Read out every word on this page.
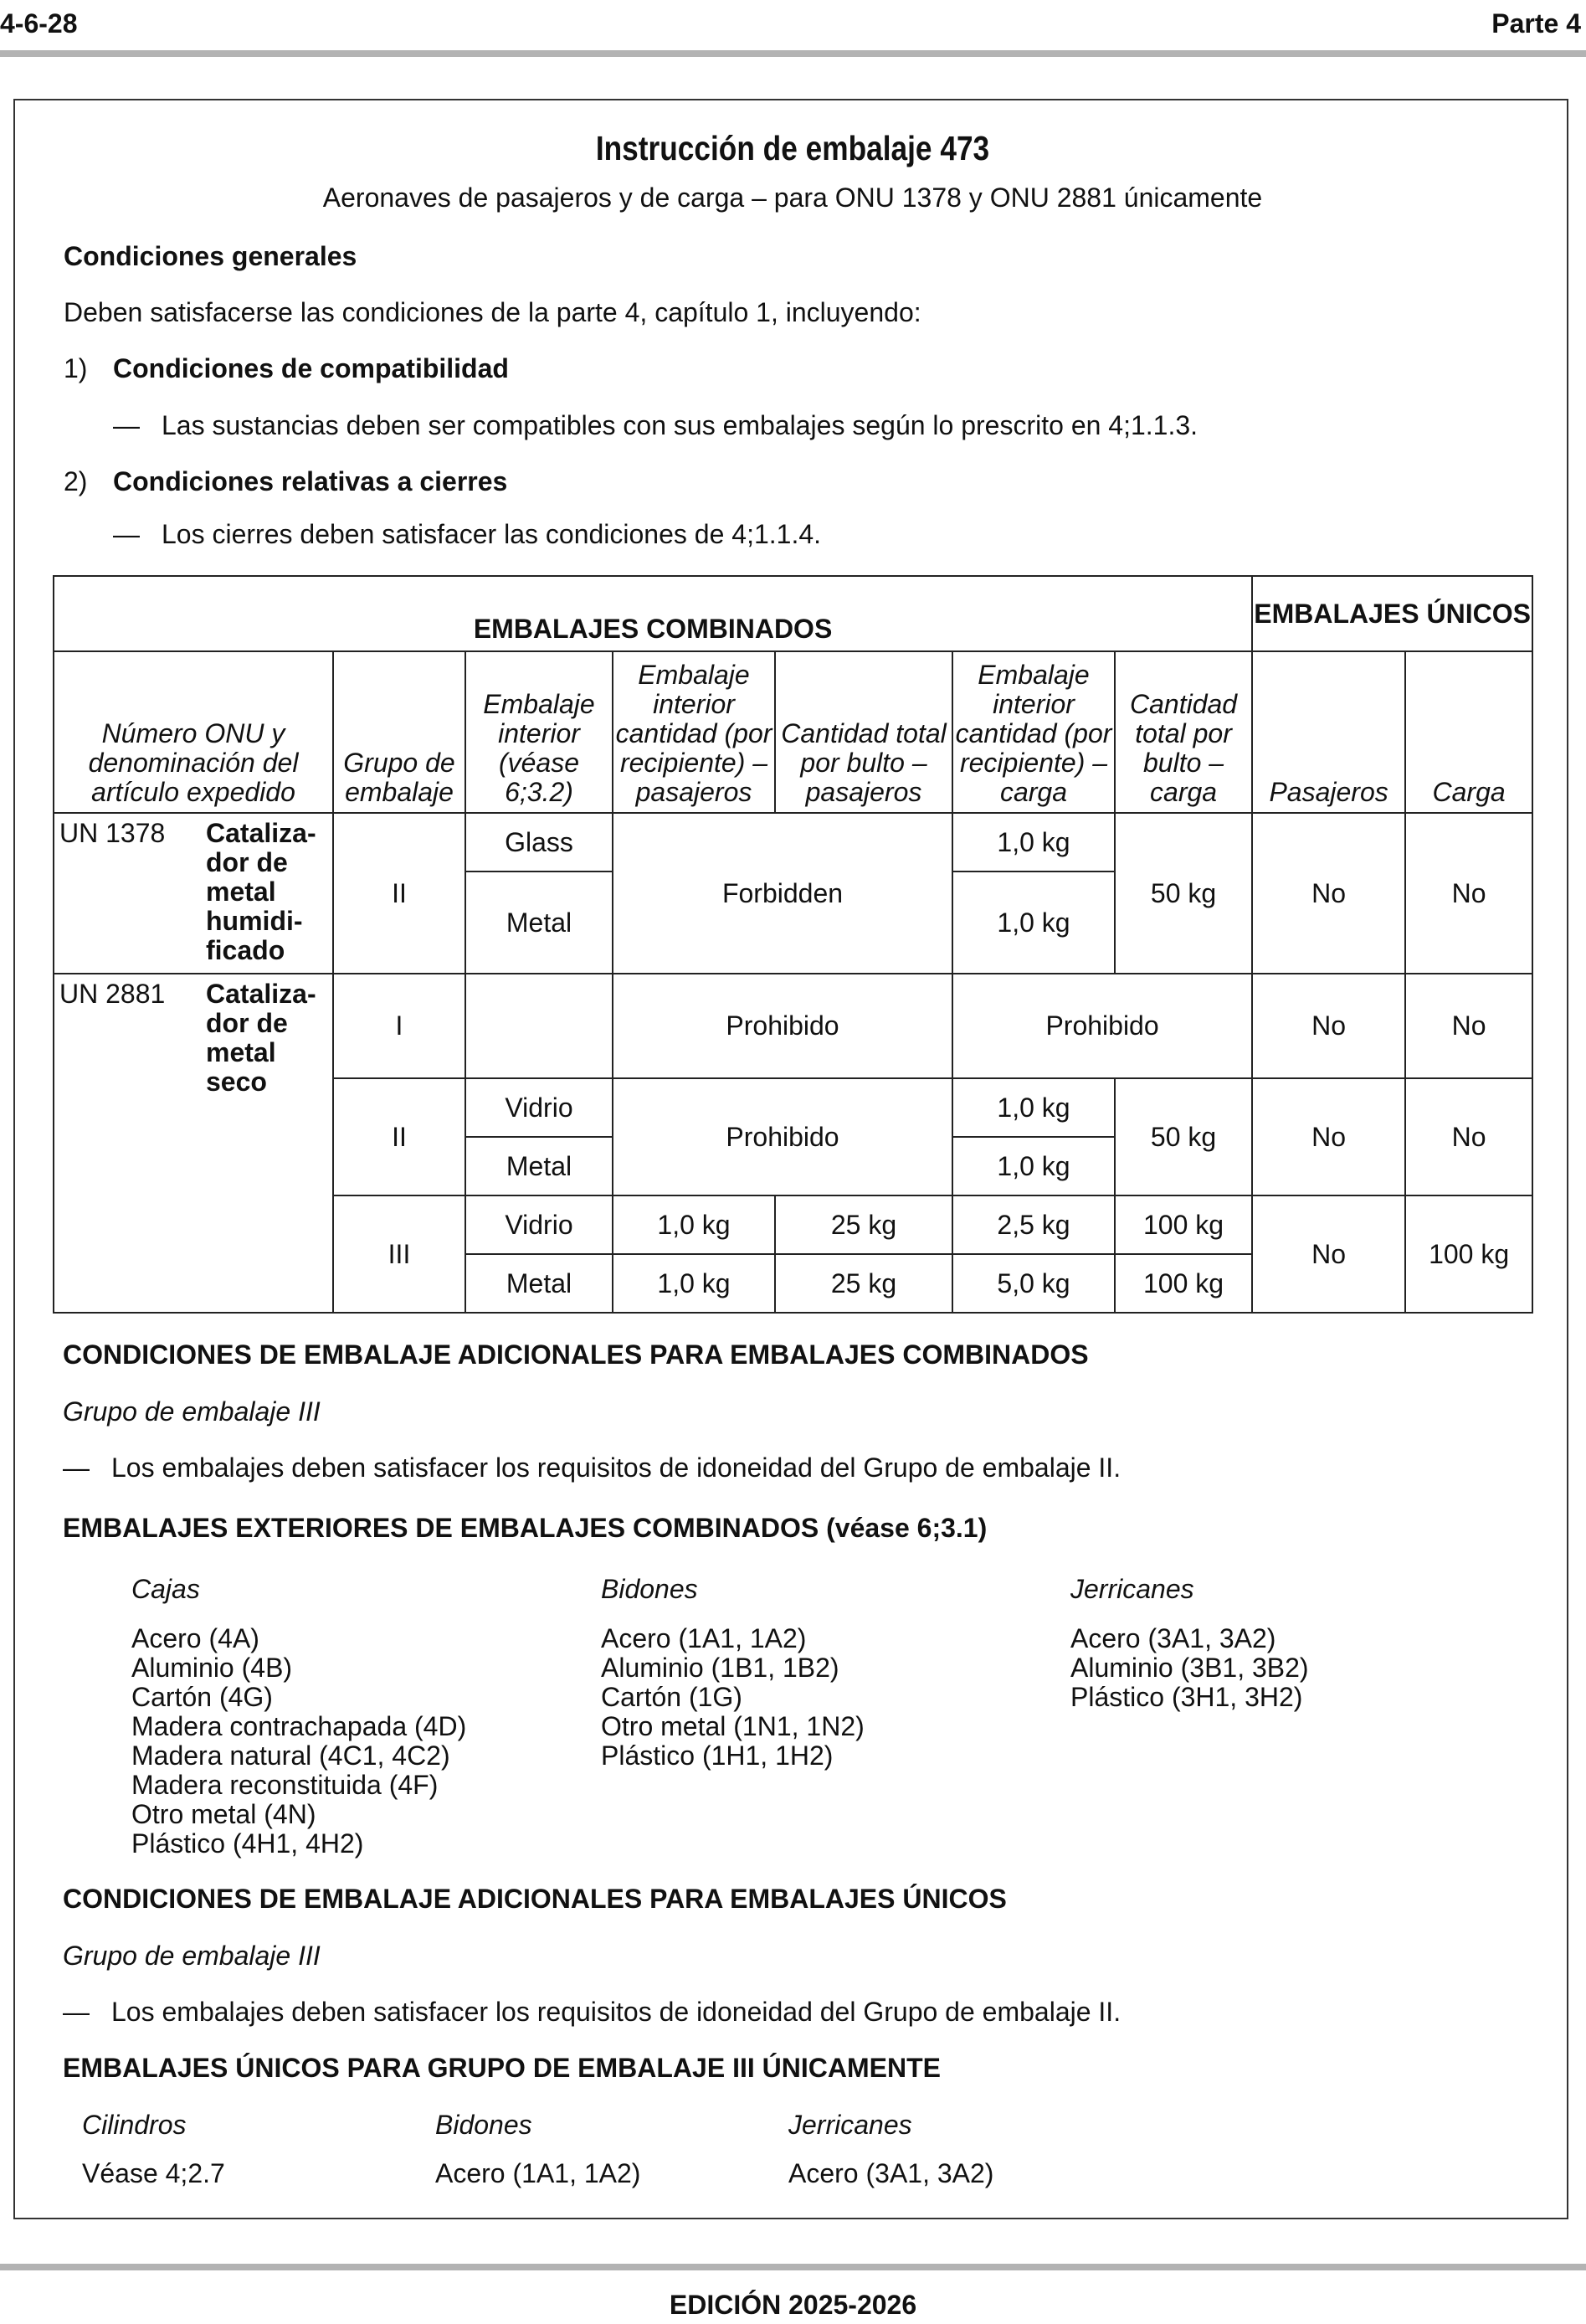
4-6-28	Parte 4
Instrucción de embalaje 473
Aeronaves de pasajeros y de carga – para ONU 1378 y ONU 2881 únicamente
Condiciones generales
Deben satisfacerse las condiciones de la parte 4, capítulo 1, incluyendo:
1) Condiciones de compatibilidad
— Las sustancias deben ser compatibles con sus embalajes según lo prescrito en 4;1.1.3.
2) Condiciones relativas a cierres
— Los cierres deben satisfacer las condiciones de 4;1.1.4.
EMBALAJES COMBINADOS								EMBALAJES ÚNICOS	
Número ONU y denominación del artículo expedido		Grupo de embalaje	Embalaje interior (véase 6;3.2)	Embalaje interior cantidad (por recipiente) – pasajeros	Cantidad total por bulto – pasajeros	Embalaje interior cantidad (por recipiente) – carga	Cantidad total por bulto – carga	Pasajeros	Carga
UN 1378	Cataliza-dor de metal humidi-ficado	II	Glass	Forbidden		1,0 kg	50 kg	No	No
			Metal			1,0 kg			
UN 2881	Cataliza-dor de metal seco	I		Prohibido		Prohibido		No	No
		II	Vidrio	Prohibido		1,0 kg	50 kg	No	No
			Metal			1,0 kg			
		III	Vidrio	1,0 kg	25 kg	2,5 kg	100 kg	No	100 kg
			Metal	1,0 kg	25 kg	5,0 kg	100 kg		
CONDICIONES DE EMBALAJE ADICIONALES PARA EMBALAJES COMBINADOS
Grupo de embalaje III
— Los embalajes deben satisfacer los requisitos de idoneidad del Grupo de embalaje II.
EMBALAJES EXTERIORES DE EMBALAJES COMBINADOS (véase 6;3.1)
Cajas
Acero (4A)
Aluminio (4B)
Cartón (4G)
Madera contrachapada (4D)
Madera natural (4C1, 4C2)
Madera reconstituida (4F)
Otro metal (4N)
Plástico (4H1, 4H2)
Bidones
Acero (1A1, 1A2)
Aluminio (1B1, 1B2)
Cartón (1G)
Otro metal (1N1, 1N2)
Plástico (1H1, 1H2)
Jerricanes
Acero (3A1, 3A2)
Aluminio (3B1, 3B2)
Plástico (3H1, 3H2)
CONDICIONES DE EMBALAJE ADICIONALES PARA EMBALAJES ÚNICOS
Grupo de embalaje III
— Los embalajes deben satisfacer los requisitos de idoneidad del Grupo de embalaje II.
EMBALAJES ÚNICOS PARA GRUPO DE EMBALAJE III ÚNICAMENTE
Cilindros
Véase 4;2.7
Bidones
Acero (1A1, 1A2)
Jerricanes
Acero (3A1, 3A2)
EDICIÓN 2025-2026
